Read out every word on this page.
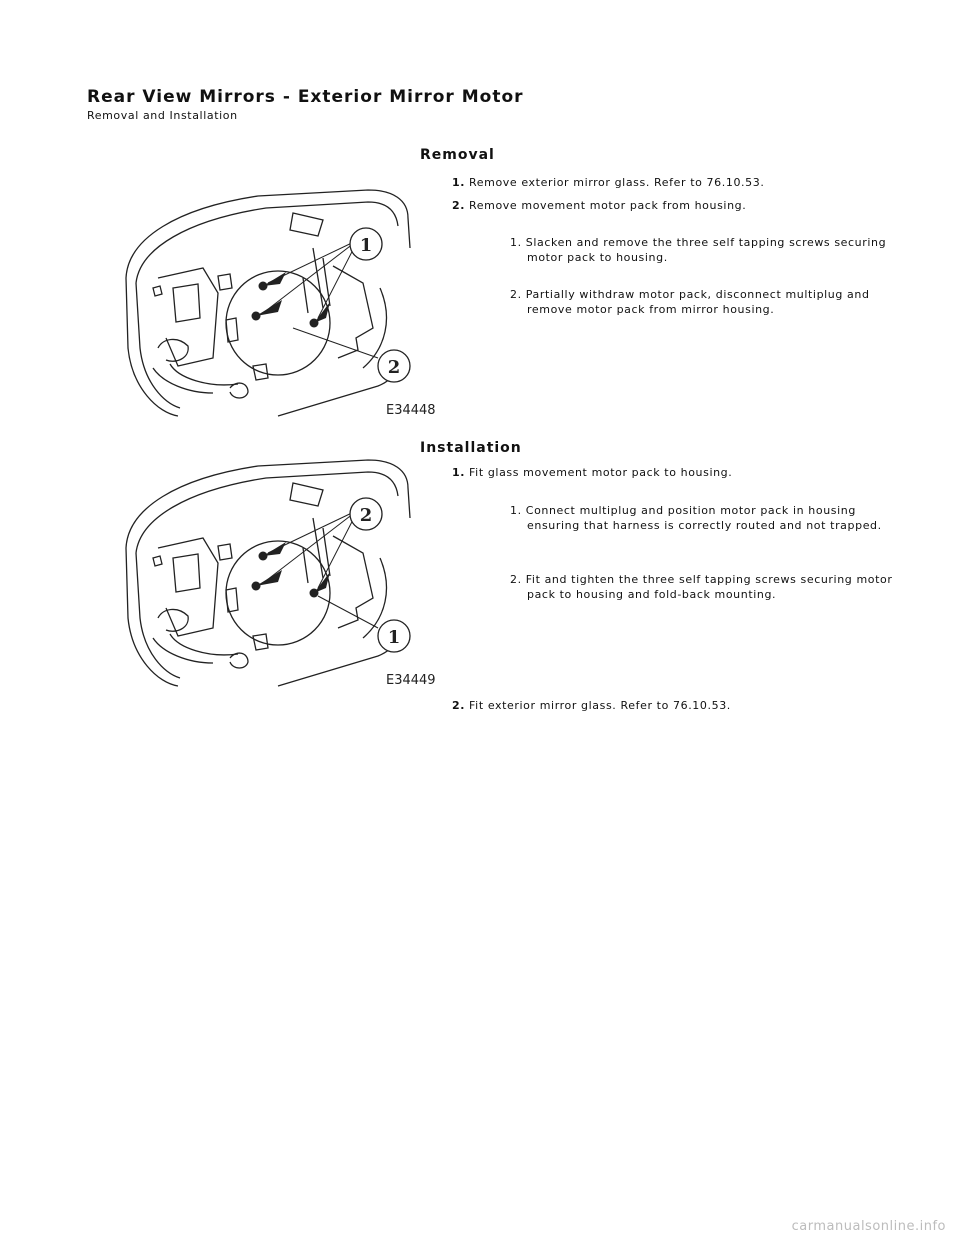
Rear View Mirrors - Exterior Mirror Motor
Removal and Installation
Removal
1
2
E34448
1. Remove exterior mirror glass. Refer to 76.10.53.
2. Remove movement motor pack from housing.
1. Slacken and remove the three self tapping screws securing motor pack to housing.
2. Partially withdraw motor pack, disconnect multiplug and remove motor pack from mirror housing.
Installation
2
1
E34449
1. Fit glass movement motor pack to housing.
1. Connect multiplug and position motor pack in housing ensuring that harness is correctly routed and not trapped.
2. Fit and tighten the three self tapping screws securing motor pack to housing and fold-back mounting.
2. Fit exterior mirror glass. Refer to 76.10.53.
carmanualsonline.info
